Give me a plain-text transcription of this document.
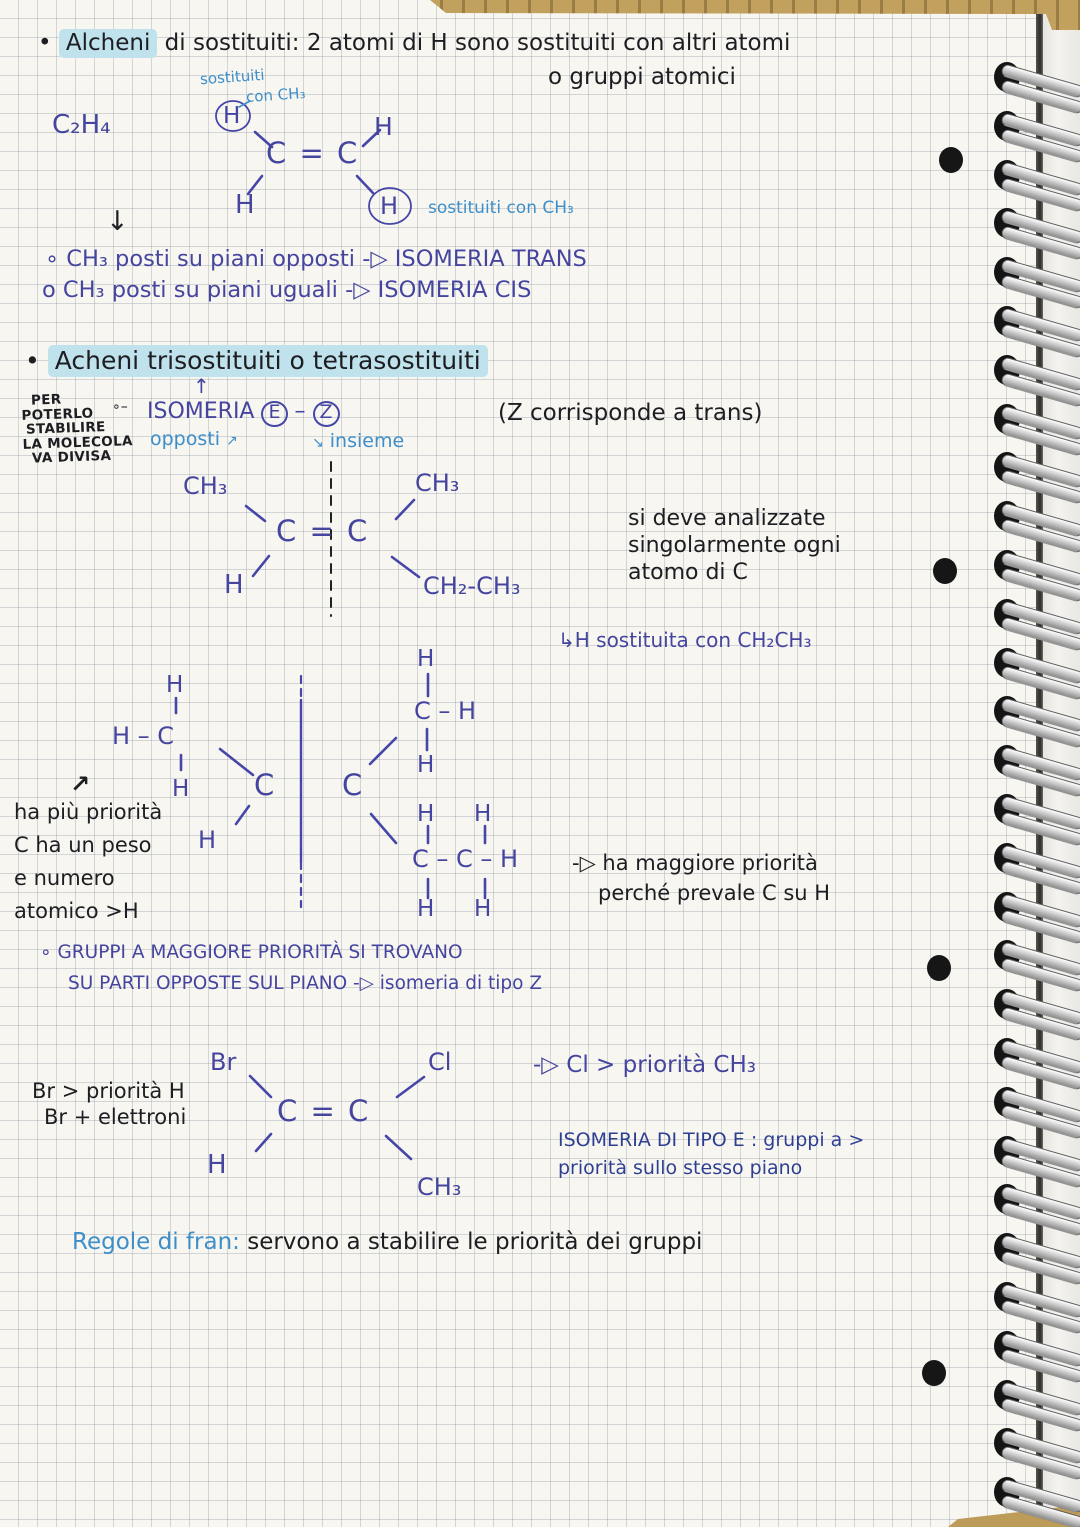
• Alcheni di sostituiti: 2 atomi di H sono sostituiti con altri atomi
o gruppi atomici
sostituiti
con CH₃
C₂H₄	H
C = C
H
H	H sostituiti con CH₃
↓
∘ CH₃ posti su piani opposti -▷ ISOMERIA TRANS
o CH₃ posti su piani uguali -▷ ISOMERIA CIS
• Acheni trisostituiti o tetrasostituiti
PER
POTERLO
STABILIRE
LA MOLECOLA
VA DIVISA
∘–
↑
ISOMERIA E – Z
opposti ↗	↘ insieme
(Z corrisponde a trans)
CH₃	CH₃
C = C
H	CH₂-CH₃
si deve analizzate
singolarmente ogni
atomo di C
↳H sostituita con CH₂CH₃
H
H – C
H C
H
C
H
C – H
H
H H
C – C – H
H H
↗
ha più priorità
C ha un peso
e numero
atomico >H
-▷ ha maggiore priorità
perché prevale C su H
∘ GRUPPI A MAGGIORE PRIORITÀ SI TROVANO
SU PARTI OPPOSTE SUL PIANO -▷ isomeria di tipo Z
Br > priorità H
Br + elettroni
Br	Cl
C = C
H
CH₃
-▷ Cl > priorità CH₃
ISOMERIA DI TIPO E : gruppi a >
priorità sullo stesso piano
Regole di fran: servono a stabilire le priorità dei gruppi
